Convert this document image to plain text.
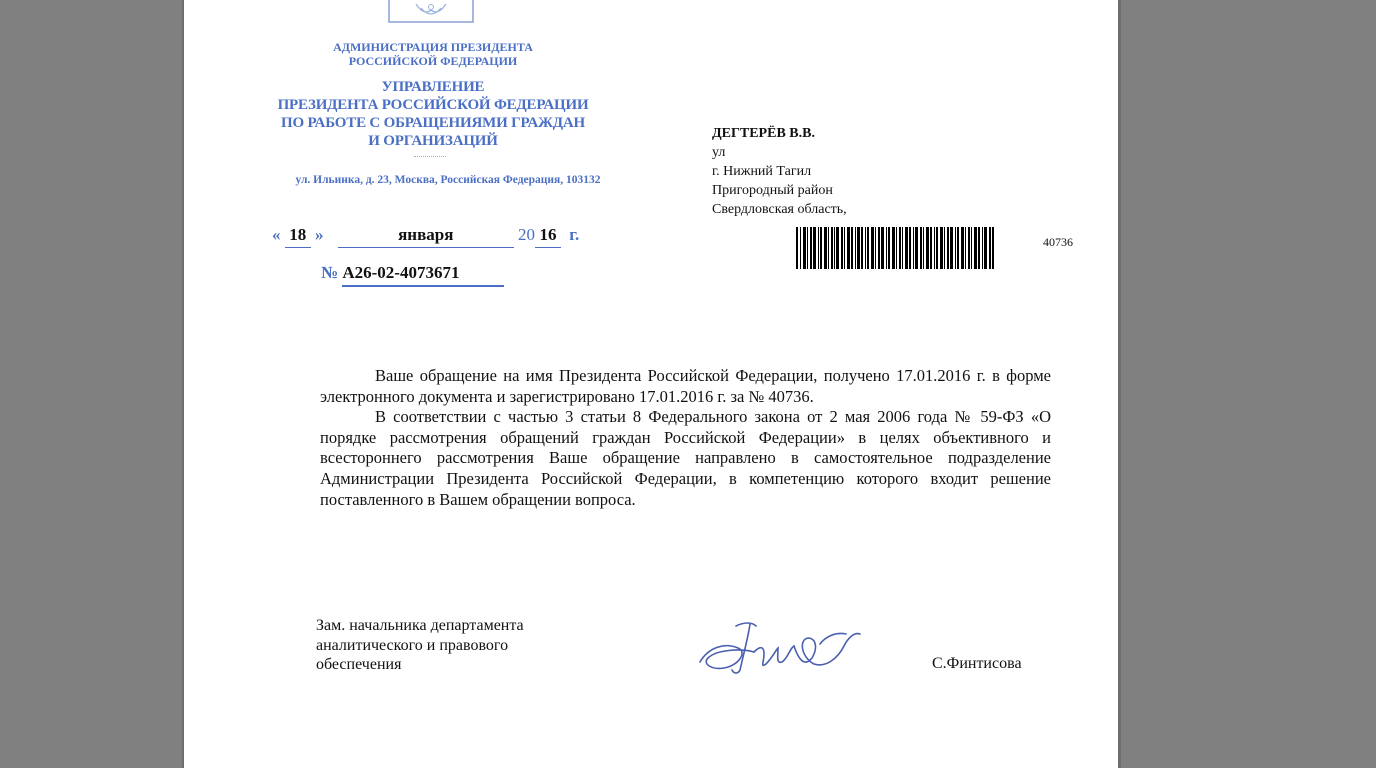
АДМИНИСТРАЦИЯ ПРЕЗИДЕНТА
РОССИЙСКОЙ ФЕДЕРАЦИИ
УПРАВЛЕНИЕ
ПРЕЗИДЕНТА РОССИЙСКОЙ ФЕДЕРАЦИИ
ПО РАБОТЕ С ОБРАЩЕНИЯМИ ГРАЖДАН
И ОРГАНИЗАЦИЙ
ул. Ильинка, д. 23, Москва, Российская Федерация, 103132
« 18 »	января	20 16 г.
№ А26-02-4073671
ДЕГТЕРЁВ В.В.
ул
г. Нижний Тагил
Пригородный район
Свердловская область,
40736

Ваше обращение на имя Президента Российской Федерации, получено 17.01.2016 г. в форме электронного документа и зарегистрировано 17.01.2016 г. за № 40736.

В соответствии с частью 3 статьи 8 Федерального закона от 2 мая 2006 года № 59-ФЗ «О порядке рассмотрения обращений граждан Российской Федерации» в целях объективного и всестороннего рассмотрения Ваше обращение направлено в самостоятельное подразделение Администрации Президента Российской Федерации, в компетенцию которого входит решение поставленного в Вашем обращении вопроса.

Зам. начальника департамента
аналитического и правового
обеспечения	С.Финтисова
